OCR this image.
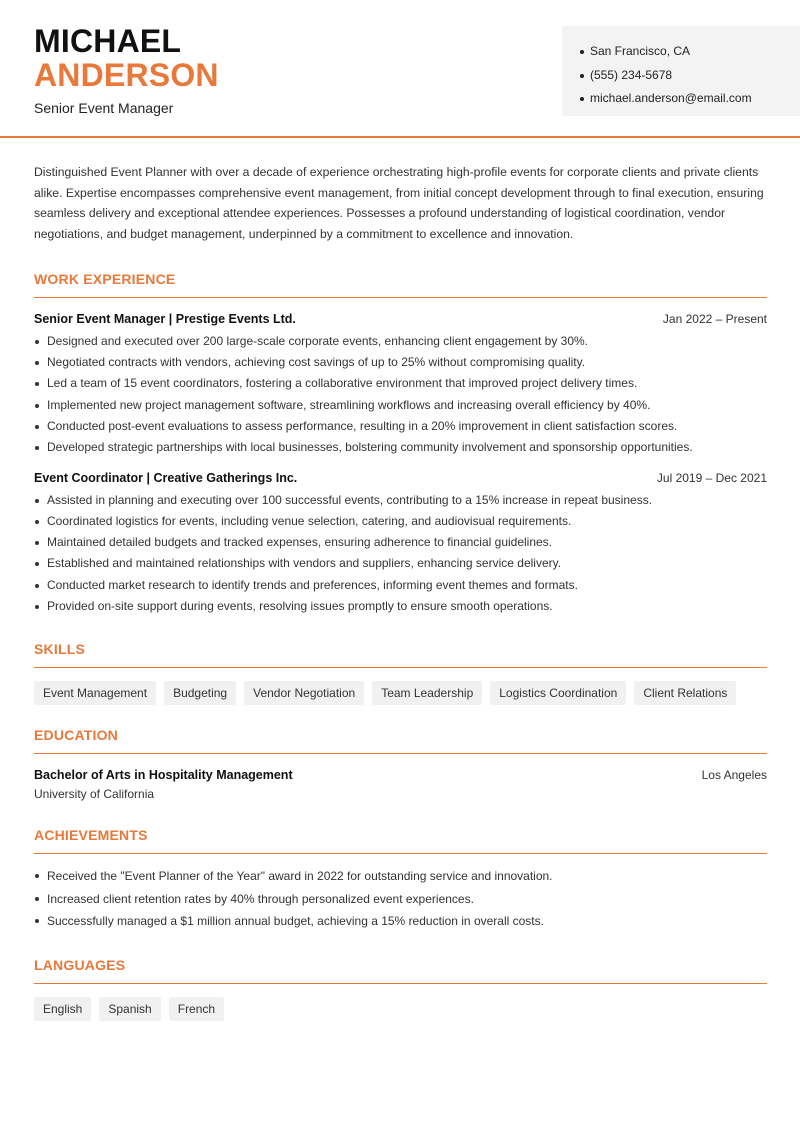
MICHAEL
ANDERSON
Senior Event Manager
San Francisco, CA
(555) 234-5678
michael.anderson@email.com

Distinguished Event Planner with over a decade of experience orchestrating high-profile events for corporate clients and private clients alike. Expertise encompasses comprehensive event management, from initial concept development through to final execution, ensuring seamless delivery and exceptional attendee experiences. Possesses a profound understanding of logistical coordination, vendor negotiations, and budget management, underpinned by a commitment to excellence and innovation.

WORK EXPERIENCE
Senior Event Manager | Prestige Events Ltd.	Jan 2022 – Present
Designed and executed over 200 large-scale corporate events, enhancing client engagement by 30%.
Negotiated contracts with vendors, achieving cost savings of up to 25% without compromising quality.
Led a team of 15 event coordinators, fostering a collaborative environment that improved project delivery times.
Implemented new project management software, streamlining workflows and increasing overall efficiency by 40%.
Conducted post-event evaluations to assess performance, resulting in a 20% improvement in client satisfaction scores.
Developed strategic partnerships with local businesses, bolstering community involvement and sponsorship opportunities.
Event Coordinator | Creative Gatherings Inc.	Jul 2019 – Dec 2021
Assisted in planning and executing over 100 successful events, contributing to a 15% increase in repeat business.
Coordinated logistics for events, including venue selection, catering, and audiovisual requirements.
Maintained detailed budgets and tracked expenses, ensuring adherence to financial guidelines.
Established and maintained relationships with vendors and suppliers, enhancing service delivery.
Conducted market research to identify trends and preferences, informing event themes and formats.
Provided on-site support during events, resolving issues promptly to ensure smooth operations.
SKILLS
Event Management	Budgeting	Vendor Negotiation	Team Leadership	Logistics Coordination	Client Relations
EDUCATION
Bachelor of Arts in Hospitality Management	Los Angeles
University of California
ACHIEVEMENTS
Received the "Event Planner of the Year" award in 2022 for outstanding service and innovation.
Increased client retention rates by 40% through personalized event experiences.
Successfully managed a $1 million annual budget, achieving a 15% reduction in overall costs.
LANGUAGES
English	Spanish	French
